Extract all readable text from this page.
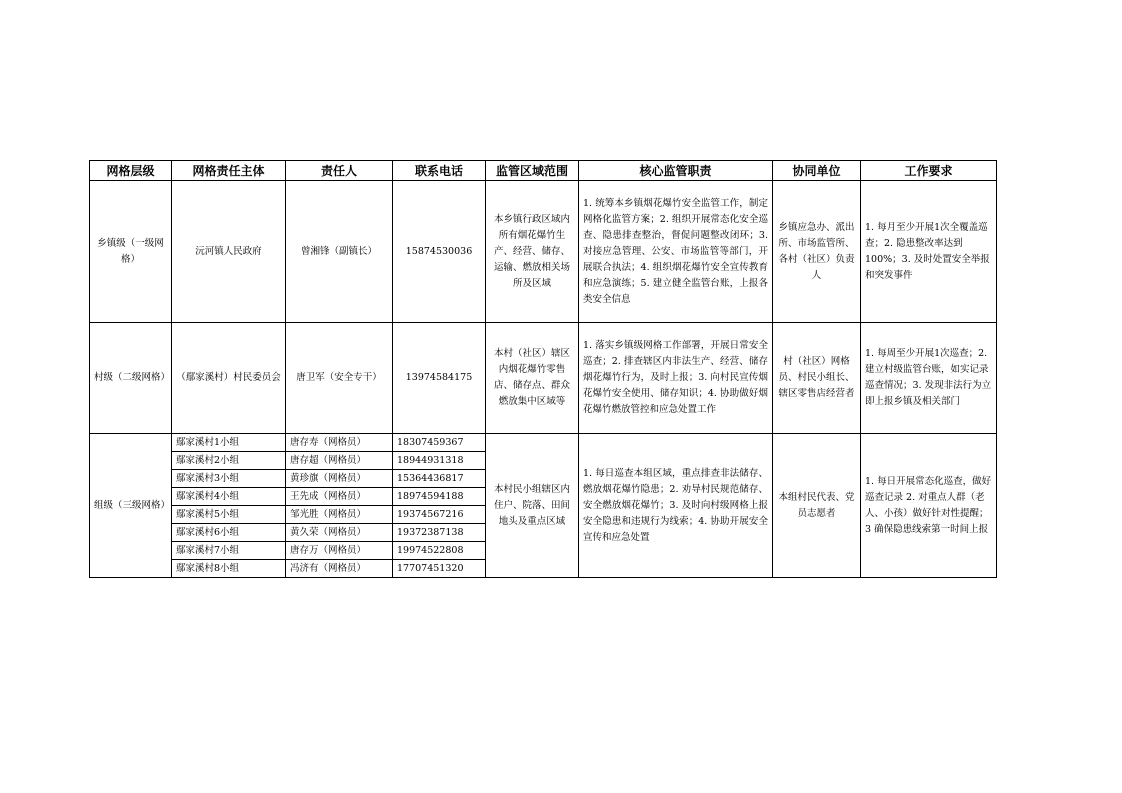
网格层级	网格责任主体	责任人	联系电话	监管区域范围	核心监管职责	协同单位	工作要求
乡镇级（一级网格）	沅河镇人民政府	曾湘锋（副镇长）	15874530036	本乡镇行政区域内所有烟花爆竹生产、经营、储存、运输、燃放相关场所及区域	1. 统筹本乡镇烟花爆竹安全监管工作，制定网格化监管方案；2. 组织开展常态化安全巡查、隐患排查整治，督促问题整改闭环；3. 对接应急管理、公安、市场监管等部门，开展联合执法；4. 组织烟花爆竹安全宣传教育和应急演练；5. 建立健全监管台账，上报各类安全信息	乡镇应急办、派出所、市场监管所、各村（社区）负责人	1. 每月至少开展1次全覆盖巡查；2. 隐患整改率达到100%；3. 及时处置安全举报和突发事件
村级（二级网格）	（鄢家溪村）村民委员会	唐卫军（安全专干）	13974584175	本村（社区）辖区内烟花爆竹零售店、储存点、群众燃放集中区域等	1. 落实乡镇级网格工作部署，开展日常安全巡查；2. 排查辖区内非法生产、经营、储存烟花爆竹行为，及时上报；3. 向村民宣传烟花爆竹安全使用、储存知识；4. 协助做好烟花爆竹燃放管控和应急处置工作	村（社区）网格员、村民小组长、辖区零售店经营者	1. 每周至少开展1次巡查；2. 建立村级监管台账，如实记录巡查情况；3. 发现非法行为立即上报乡镇及相关部门
组级（三级网格）	鄢家溪村1小组	唐存寿（网格员）	18307459367	本村民小组辖区内住户、院落、田间地头及重点区域	1. 每日巡查本组区域，重点排查非法储存、燃放烟花爆竹隐患；2. 劝导村民规范储存、安全燃放烟花爆竹；3. 及时向村级网格上报安全隐患和违规行为线索；4. 协助开展安全宣传和应急处置	本组村民代表、党员志愿者	1. 每日开展常态化巡查，做好巡查记录 2. 对重点人群（老人、小孩）做好针对性提醒；3 确保隐患线索第一时间上报
	鄢家溪村2小组	唐存超（网格员）	18944931318				
	鄢家溪村3小组	黄珍旗（网格员）	15364436817				
	鄢家溪村4小组	王先成（网格员）	18974594188				
	鄢家溪村5小组	邹光胜（网格员）	19374567216				
	鄢家溪村6小组	黄久荣（网格员）	19372387138				
	鄢家溪村7小组	唐存万（网格员）	19974522808				
	鄢家溪村8小组	冯济有（网格员）	17707451320				
